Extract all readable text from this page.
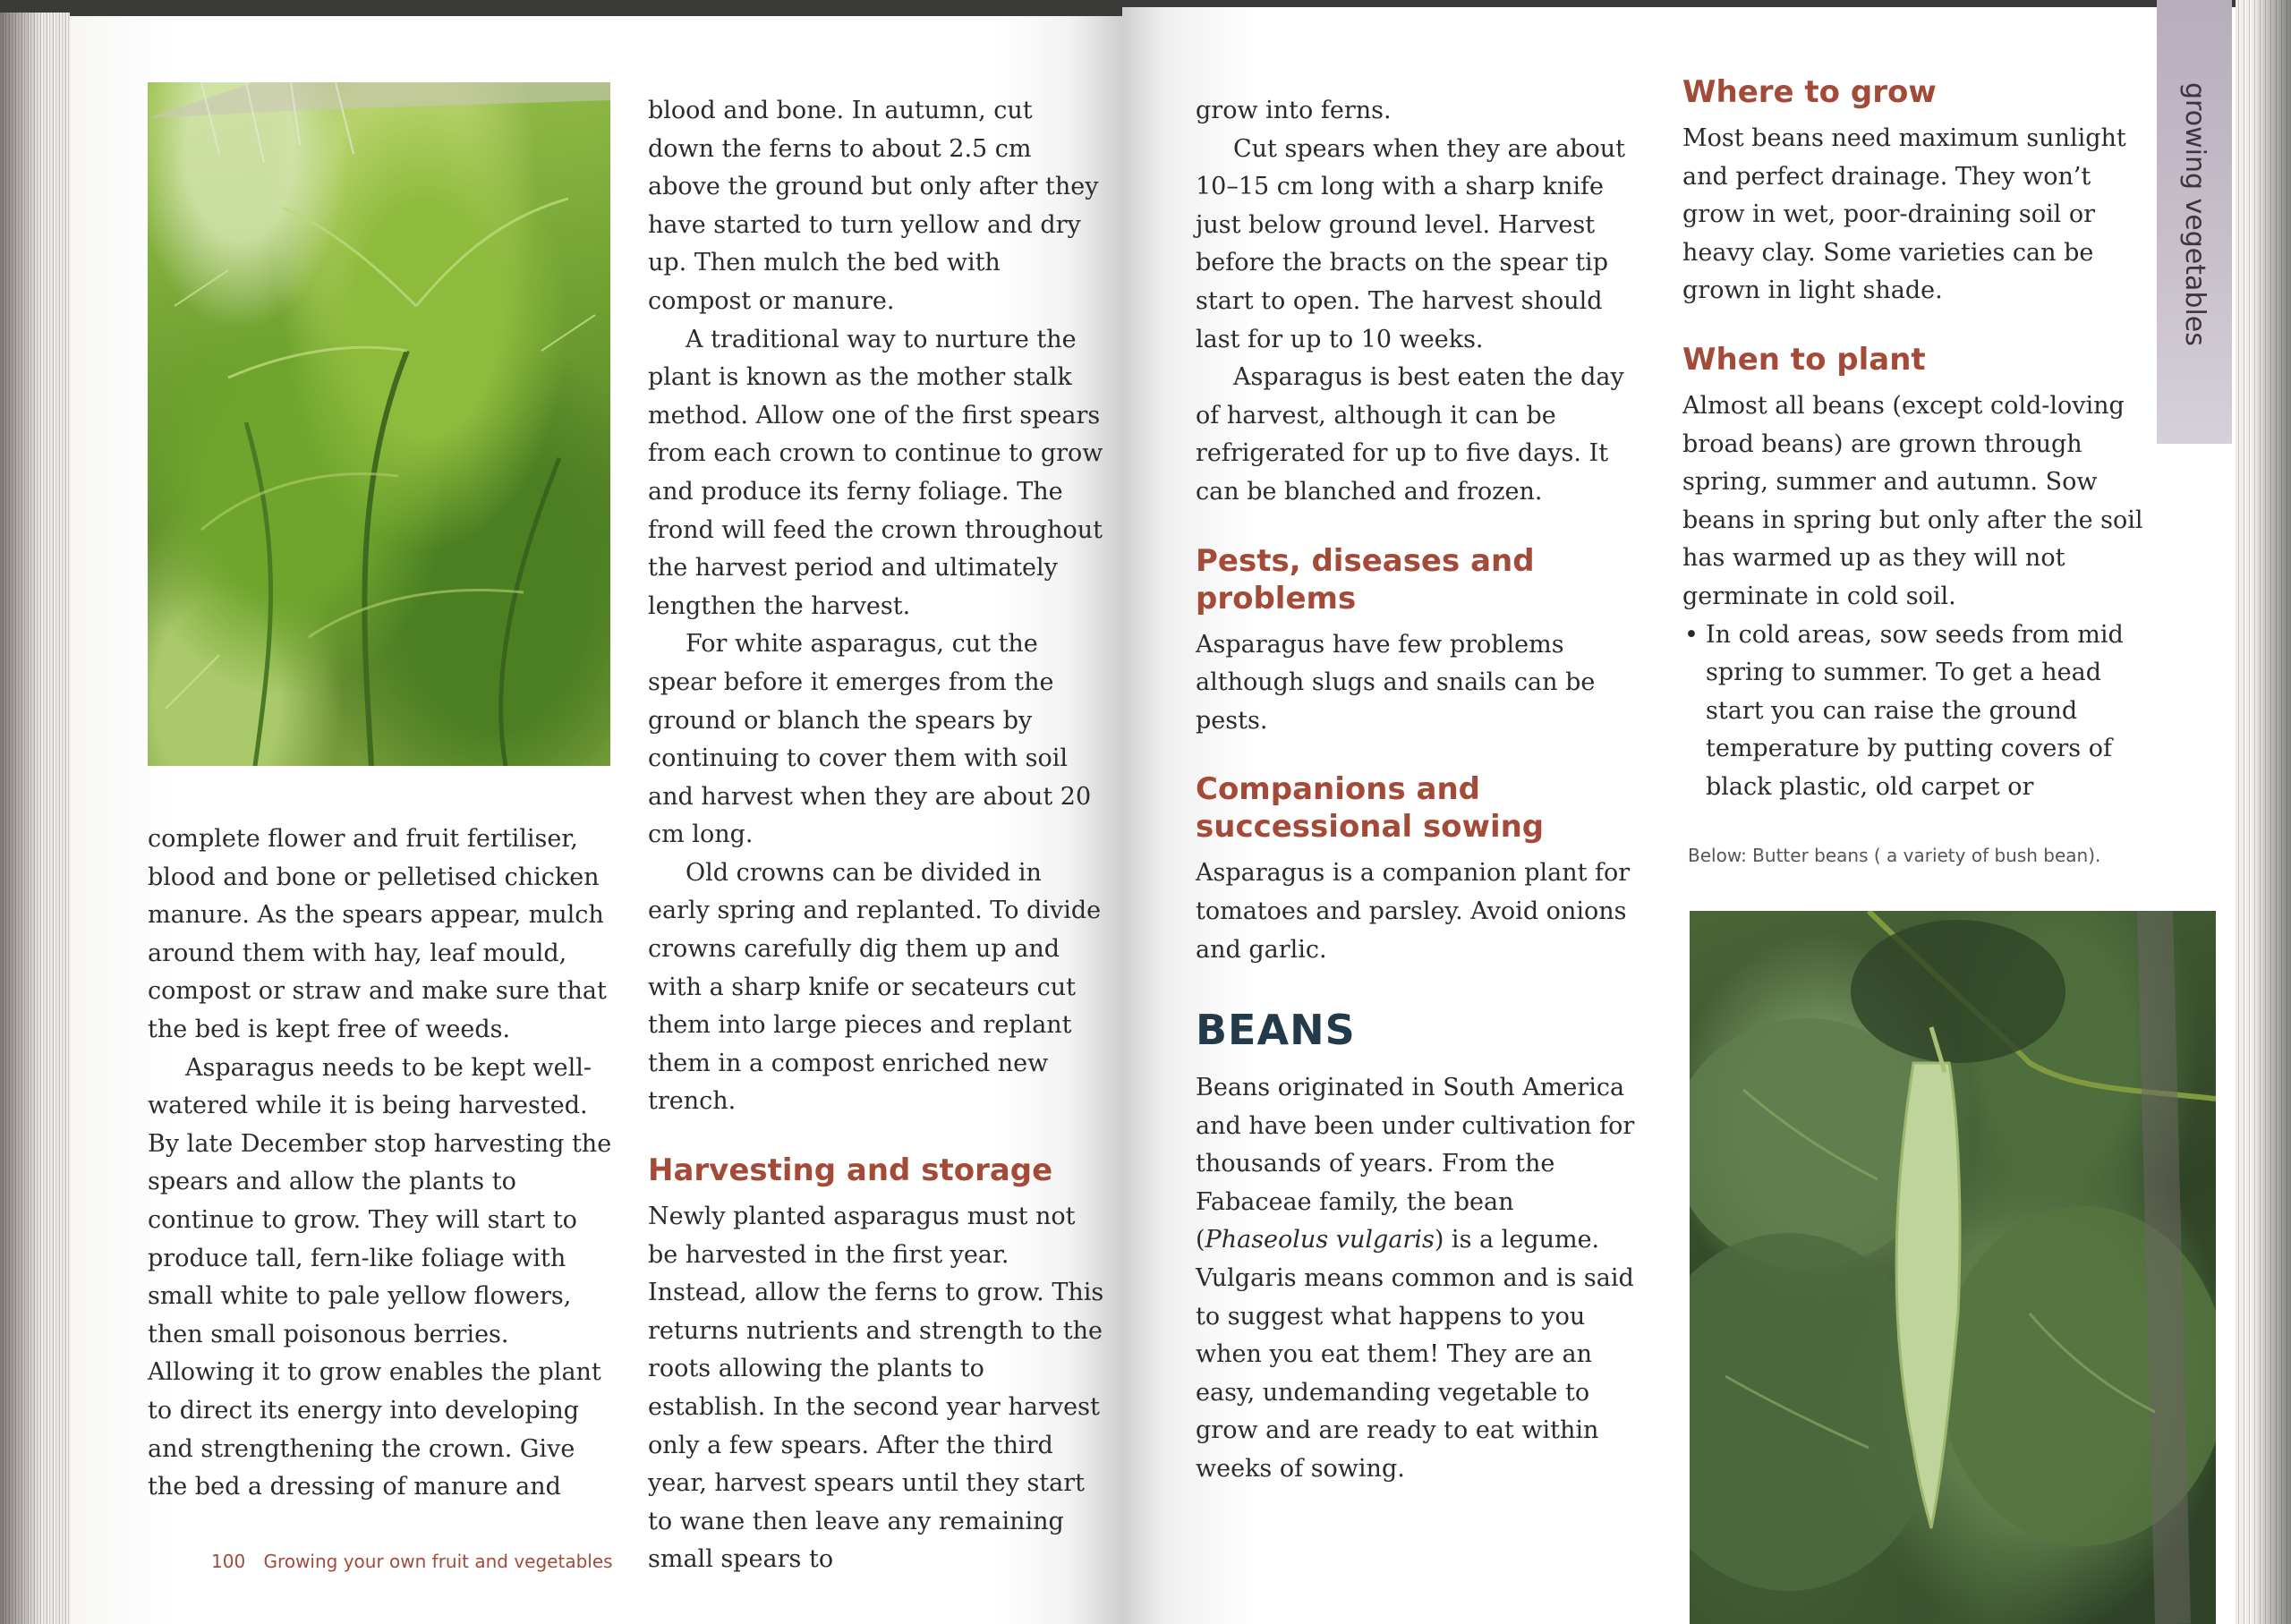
complete flower and fruit fertiliser, blood and bone or pelletised chicken manure. As the spears appear, mulch around them with hay, leaf mould, compost or straw and make sure that the bed is kept free of weeds.

Asparagus needs to be kept well-watered while it is being harvested. By late December stop harvesting the spears and allow the plants to continue to grow. They will start to produce tall, fern-like foliage with small white to pale yellow flowers, then small poisonous berries. Allowing it to grow enables the plant to direct its energy into developing and strengthening the crown. Give the bed a dressing of manure and

blood and bone. In autumn, cut down the ferns to about 2.5 cm above the ground but only after they have started to turn yellow and dry up. Then mulch the bed with compost or manure.

A traditional way to nurture the plant is known as the mother stalk method. Allow one of the first spears from each crown to continue to grow and produce its ferny foliage. The frond will feed the crown throughout the harvest period and ultimately lengthen the harvest.

For white asparagus, cut the spear before it emerges from the ground or blanch the spears by continuing to cover them with soil and harvest when they are about 20 cm long.

Old crowns can be divided in early spring and replanted. To divide crowns carefully dig them up and with a sharp knife or secateurs cut them into large pieces and replant them in a compost enriched new trench.

Harvesting and storage

Newly planted asparagus must not be harvested in the first year. Instead, allow the ferns to grow. This returns nutrients and strength to the roots allowing the plants to establish. In the second year harvest only a few spears. After the third year, harvest spears until they start to wane then leave any remaining small spears to

100 Growing your own fruit and vegetables

grow into ferns.

Cut spears when they are about 10–15 cm long with a sharp knife just below ground level. Harvest before the bracts on the spear tip start to open. The harvest should last for up to 10 weeks.

Asparagus is best eaten the day of harvest, although it can be refrigerated for up to five days. It can be blanched and frozen.

Pests, diseases and problems

Asparagus have few problems although slugs and snails can be pests.

Companions and successional sowing

Asparagus is a companion plant for tomatoes and parsley. Avoid onions and garlic.

BEANS

Beans originated in South America and have been under cultivation for thousands of years. From the Fabaceae family, the bean (Phaseolus vulgaris) is a legume. Vulgaris means common and is said to suggest what happens to you when you eat them! They are an easy, undemanding vegetable to grow and are ready to eat within weeks of sowing.

Where to grow

Most beans need maximum sunlight and perfect drainage. They won’t grow in wet, poor-draining soil or heavy clay. Some varieties can be grown in light shade.

When to plant

Almost all beans (except cold-loving broad beans) are grown through spring, summer and autumn. Sow beans in spring but only after the soil has warmed up as they will not germinate in cold soil.

• In cold areas, sow seeds from mid spring to summer. To get a head start you can raise the ground temperature by putting covers of black plastic, old carpet or
Below: Butter beans ( a variety of bush bean).
growing vegetables
